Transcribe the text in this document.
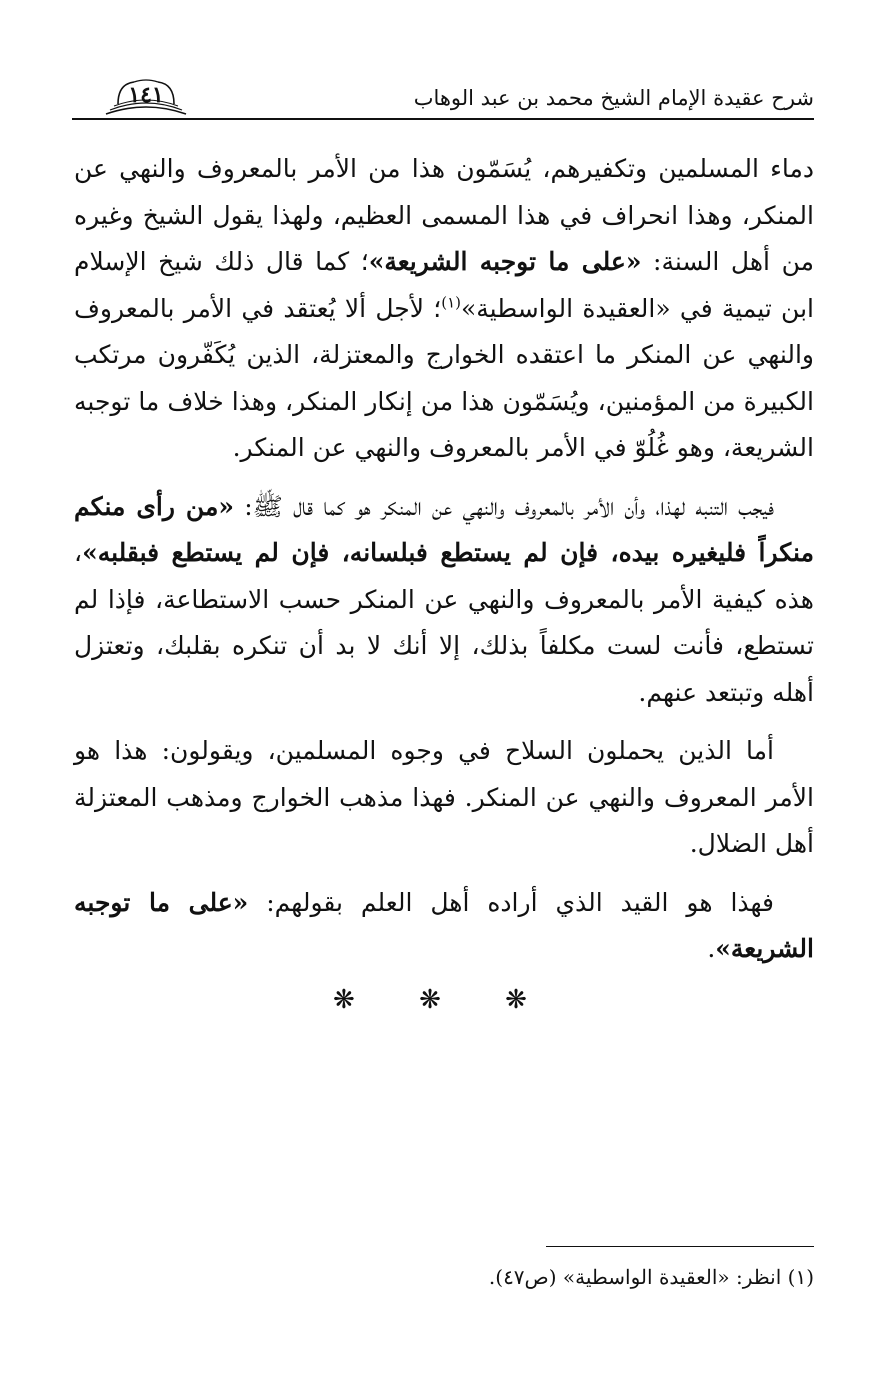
شرح عقيدة الإمام الشيخ محمد بن عبد الوهاب
١٤١

دماء المسلمين وتكفيرهم، يُسَمّون هذا من الأمر بالمعروف والنهي عن المنكر، وهذا انحراف في هذا المسمى العظيم، ولهذا يقول الشيخ وغيره من أهل السنة: «على ما توجبه الشريعة»؛ كما قال ذلك شيخ الإسلام ابن تيمية في «العقيدة الواسطية»$^{(١)}$؛ لأجل ألا يُعتقد في الأمر بالمعروف والنهي عن المنكر ما اعتقده الخوارج والمعتزلة، الذين يُكَفّرون مرتكب الكبيرة من المؤمنين، ويُسَمّون هذا من إنكار المنكر، وهذا خلاف ما توجبه الشريعة، وهو غُلُوّ في الأمر بالمعروف والنهي عن المنكر.

فيجب التنبه لهذا، وأن الأمر بالمعروف والنهي عن المنكر هو كما قال ﷺ: «من رأى منكم منكراً فليغيره بيده، فإن لم يستطع فبلسانه، فإن لم يستطع فبقلبه»، هذه كيفية الأمر بالمعروف والنهي عن المنكر حسب الاستطاعة، فإذا لم تستطع، فأنت لست مكلفاً بذلك، إلا أنك لا بد أن تنكره بقلبك، وتعتزل أهله وتبتعد عنهم.

أما الذين يحملون السلاح في وجوه المسلمين، ويقولون: هذا هو الأمر المعروف والنهي عن المنكر. فهذا مذهب الخوارج ومذهب المعتزلة أهل الضلال.

فهذا هو القيد الذي أراده أهل العلم بقولهم: «على ما توجبه الشريعة».

❋ ❋ ❋
(١) انظر: «العقيدة الواسطية» (ص٤٧).
